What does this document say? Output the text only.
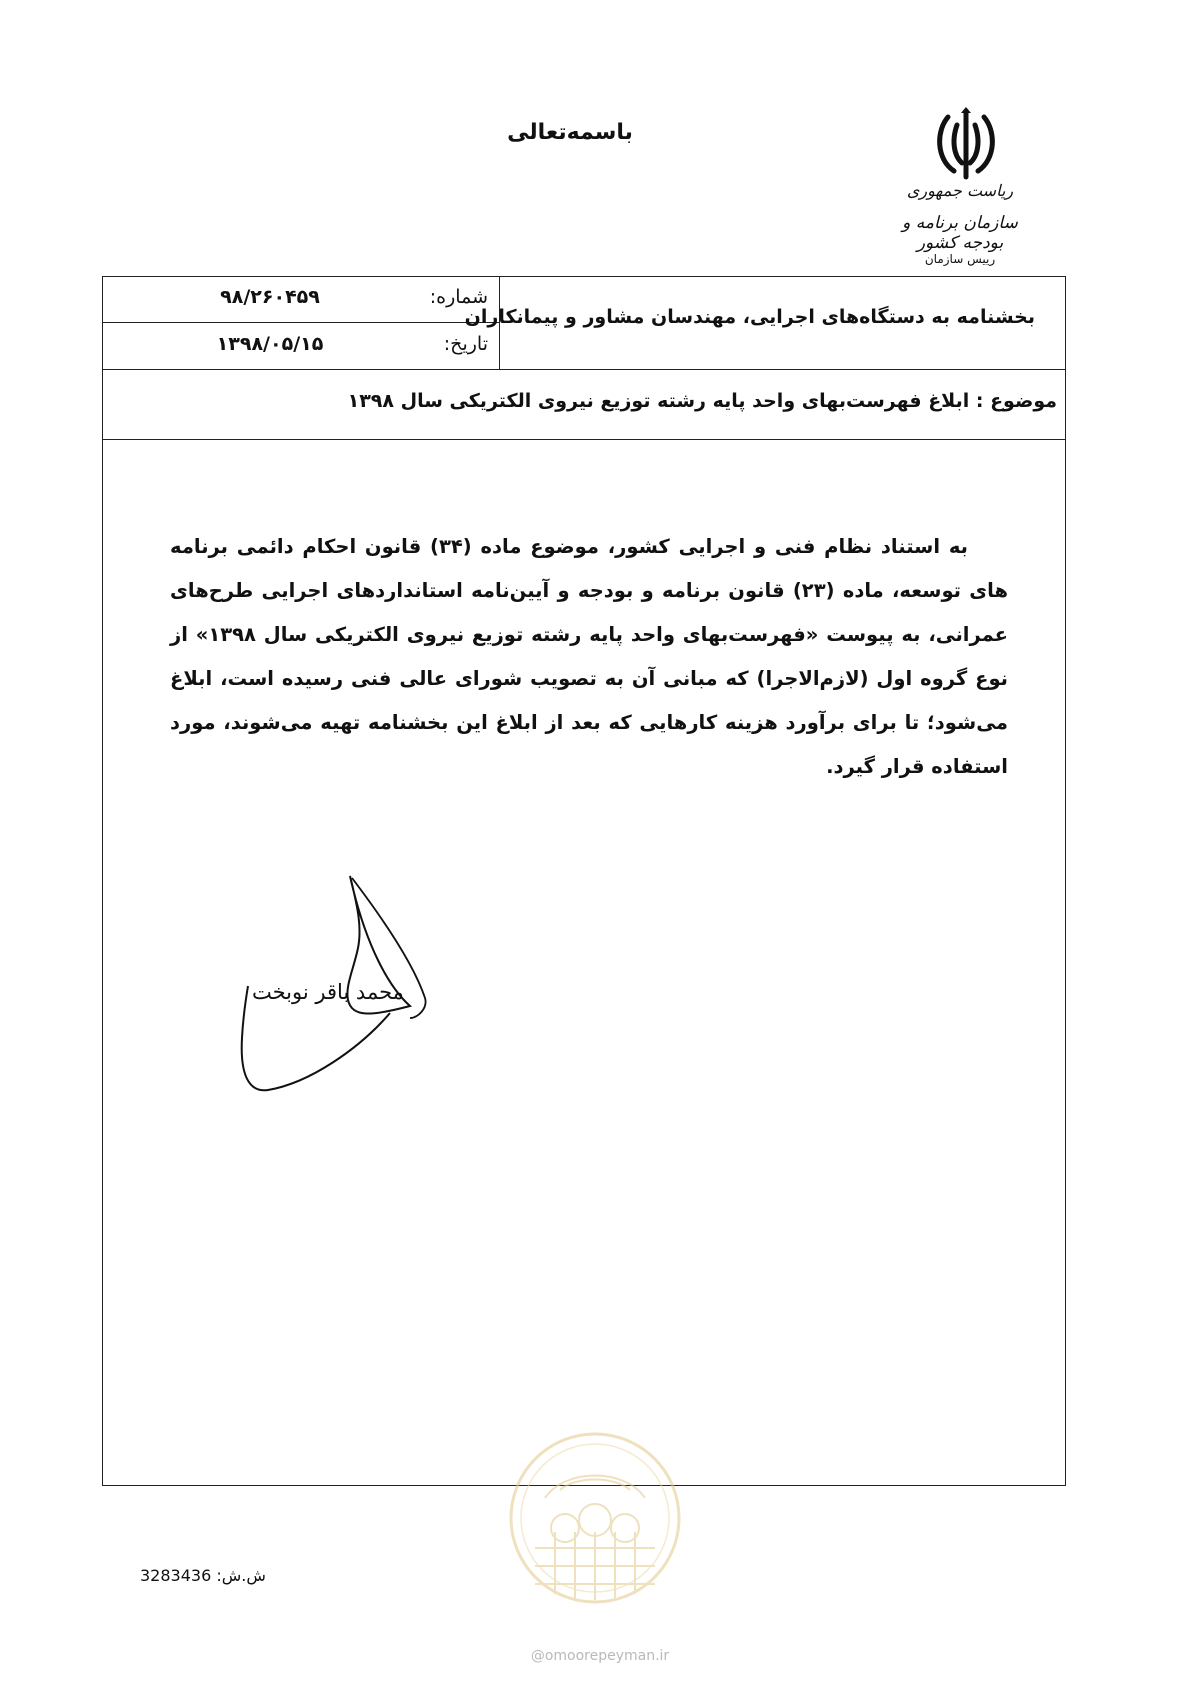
باسمه‌تعالی
ریاست جمهوری
سازمان برنامه و بودجه کشور
رییس سازمان
بخشنامه به دستگاه‌های اجرایی، مهندسان مشاور و پیمانکاران
شماره:
۹۸/۲۶۰۴۵۹
تاریخ:
۱۳۹۸/۰۵/۱۵
موضوع : ابلاغ فهرست‌بهای واحد پایه رشته توزیع نیروی الکتریکی سال ۱۳۹۸

به استناد نظام فنی و اجرایی کشور، موضوع ماده (۳۴) قانون احکام دائمی برنامه های توسعه، ماده (۲۳) قانون برنامه و بودجه و آیین‌نامه استانداردهای اجرایی طرح‌های عمرانی، به پیوست «فهرست‌بهای واحد پایه رشته توزیع نیروی الکتریکی سال ۱۳۹۸» از نوع گروه اول (لازم‌الاجرا) که مبانی آن به تصویب شورای عالی فنی رسیده است، ابلاغ می‌شود؛ تا برای برآورد هزینه کارهایی که بعد از ابلاغ این بخشنامه تهیه می‌شوند، مورد استفاده قرار گیرد.

محمد باقر نوبخت
@omoorepeyman.ir
ش.ش: 3283436
